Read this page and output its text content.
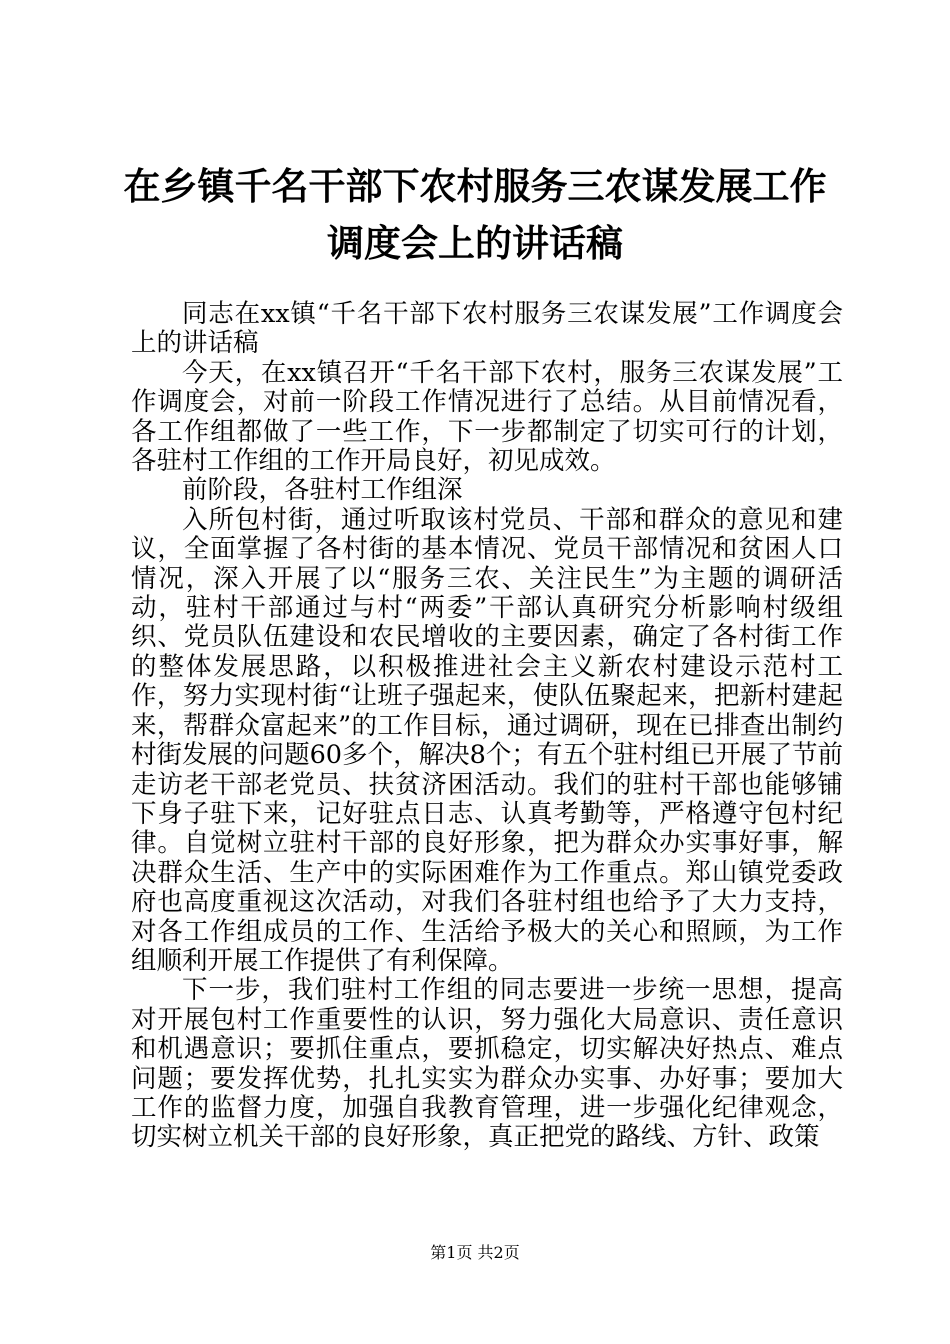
在乡镇千名干部下农村服务三农谋发展工作调度会上的讲话稿

同志在xx镇“千名干部下农村服务三农谋发展”工作调度会上的讲话稿

今天，在xx镇召开“千名干部下农村，服务三农谋发展”工作调度会，对前一阶段工作情况进行了总结。从目前情况看，各工作组都做了一些工作，下一步都制定了切实可行的计划，各驻村工作组的工作开局良好，初见成效。

前阶段，各驻村工作组深

入所包村街，通过听取该村党员、干部和群众的意见和建议，全面掌握了各村街的基本情况、党员干部情况和贫困人口情况，深入开展了以“服务三农、关注民生”为主题的调研活动，驻村干部通过与村“两委”干部认真研究分析影响村级组织、党员队伍建设和农民增收的主要因素，确定了各村街工作的整体发展思路，以积极推进社会主义新农村建设示范村工作，努力实现村街“让班子强起来，使队伍聚起来，把新村建起来，帮群众富起来”的工作目标，通过调研，现在已排查出制约村街发展的问题60多个，解决8个；有五个驻村组已开展了节前走访老干部老党员、扶贫济困活动。我们的驻村干部也能够铺下身子驻下来，记好驻点日志、认真考勤等，严格遵守包村纪律。自觉树立驻村干部的良好形象，把为群众办实事好事，解决群众生活、生产中的实际困难作为工作重点。郑山镇党委政府也高度重视这次活动，对我们各驻村组也给予了大力支持，对各工作组成员的工作、生活给予极大的关心和照顾，为工作组顺利开展工作提供了有利保障。

下一步，我们驻村工作组的同志要进一步统一思想，提高对开展包村工作重要性的认识，努力强化大局意识、责任意识和机遇意识；要抓住重点，要抓稳定，切实解决好热点、难点问题；要发挥优势，扎扎实实为群众办实事、办好事；要加大工作的监督力度，加强自我教育管理，进一步强化纪律观念，切实树立机关干部的良好形象，真正把党的路线、方针、政策

第1页 共2页
